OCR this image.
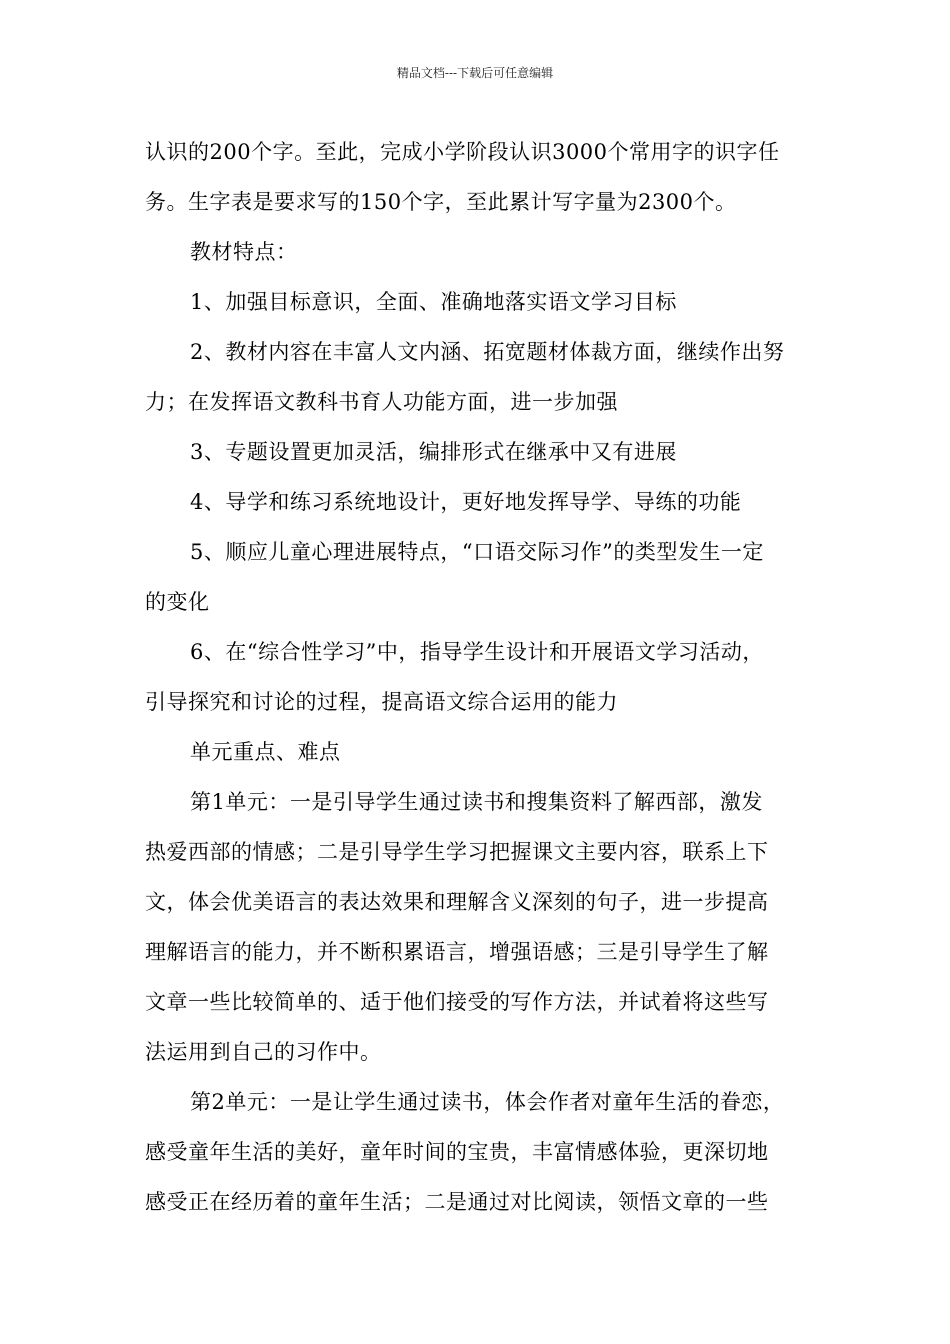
精品文档---下载后可任意编辑
认识的200个字。至此，完成小学阶段认识3000个常用字的识字任
务。生字表是要求写的150个字，至此累计写字量为2300个。
教材特点：
1、加强目标意识，全面、准确地落实语文学习目标
2、教材内容在丰富人文内涵、拓宽题材体裁方面，继续作出努
力；在发挥语文教科书育人功能方面，进一步加强
3、专题设置更加灵活，编排形式在继承中又有进展
4、导学和练习系统地设计，更好地发挥导学、导练的功能
5、顺应儿童心理进展特点，“口语交际习作”的类型发生一定
的变化
6、在“综合性学习”中，指导学生设计和开展语文学习活动，
引导探究和讨论的过程，提高语文综合运用的能力
单元重点、难点
第1单元：一是引导学生通过读书和搜集资料了解西部，激发
热爱西部的情感；二是引导学生学习把握课文主要内容，联系上下
文，体会优美语言的表达效果和理解含义深刻的句子，进一步提高
理解语言的能力，并不断积累语言，增强语感；三是引导学生了解
文章一些比较简单的、适于他们接受的写作方法，并试着将这些写
法运用到自己的习作中。
第2单元：一是让学生通过读书，体会作者对童年生活的眷恋，
感受童年生活的美好，童年时间的宝贵，丰富情感体验，更深切地
感受正在经历着的童年生活；二是通过对比阅读，领悟文章的一些
